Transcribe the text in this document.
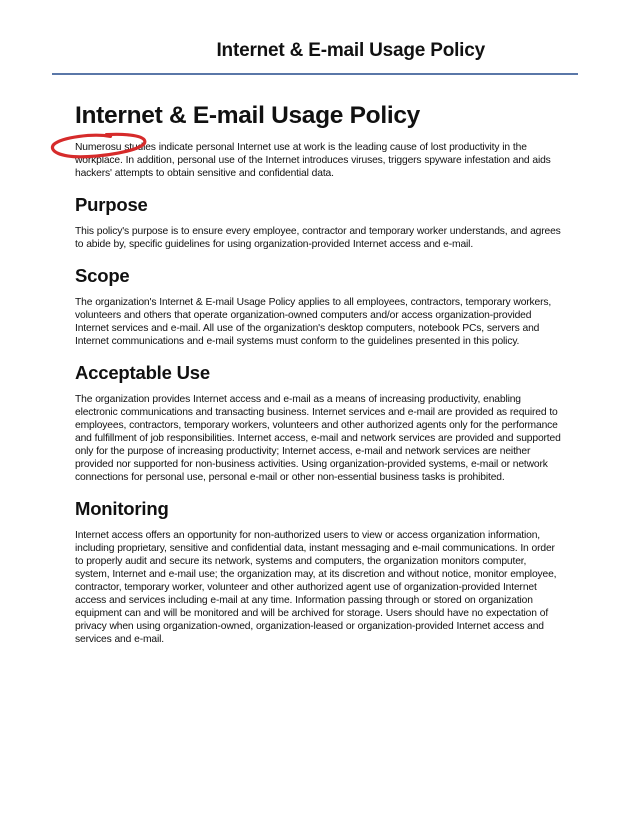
Internet & E-mail Usage Policy
Internet & E-mail Usage Policy

Numerosu studies indicate personal Internet use at work is the leading cause of lost productivity in the workplace. In addition, personal use of the Internet introduces viruses, triggers spyware infestation and aids hackers' attempts to obtain sensitive and confidential data.

Purpose

This policy's purpose is to ensure every employee, contractor and temporary worker understands, and agrees to abide by, specific guidelines for using organization-provided Internet access and e-mail.

Scope

The organization's Internet & E-mail Usage Policy applies to all employees, contractors, temporary workers, volunteers and others that operate organization-owned computers and/or access organization-provided Internet services and e-mail. All use of the organization's desktop computers, notebook PCs, servers and Internet communications and e-mail systems must conform to the guidelines presented in this policy.

Acceptable Use

The organization provides Internet access and e-mail as a means of increasing productivity, enabling electronic communications and transacting business. Internet services and e-mail are provided as required to employees, contractors, temporary workers, volunteers and other authorized agents only for the performance and fulfillment of job responsibilities. Internet access, e-mail and network services are provided and supported only for the purpose of increasing productivity; Internet access, e-mail and network services are neither provided nor supported for non-business activities. Using organization-provided systems, e-mail or network connections for personal use, personal e-mail or other non-essential business tasks is prohibited.

Monitoring

Internet access offers an opportunity for non-authorized users to view or access organization information, including proprietary, sensitive and confidential data, instant messaging and e-mail communications. In order to properly audit and secure its network, systems and computers, the organization monitors computer, system, Internet and e-mail use; the organization may, at its discretion and without notice, monitor employee, contractor, temporary worker, volunteer and other authorized agent use of organization-provided Internet access and services including e-mail at any time. Information passing through or stored on organization equipment can and will be monitored and will be archived for storage. Users should have no expectation of privacy when using organization-owned, organization-leased or organization-provided Internet access and services and e-mail.
